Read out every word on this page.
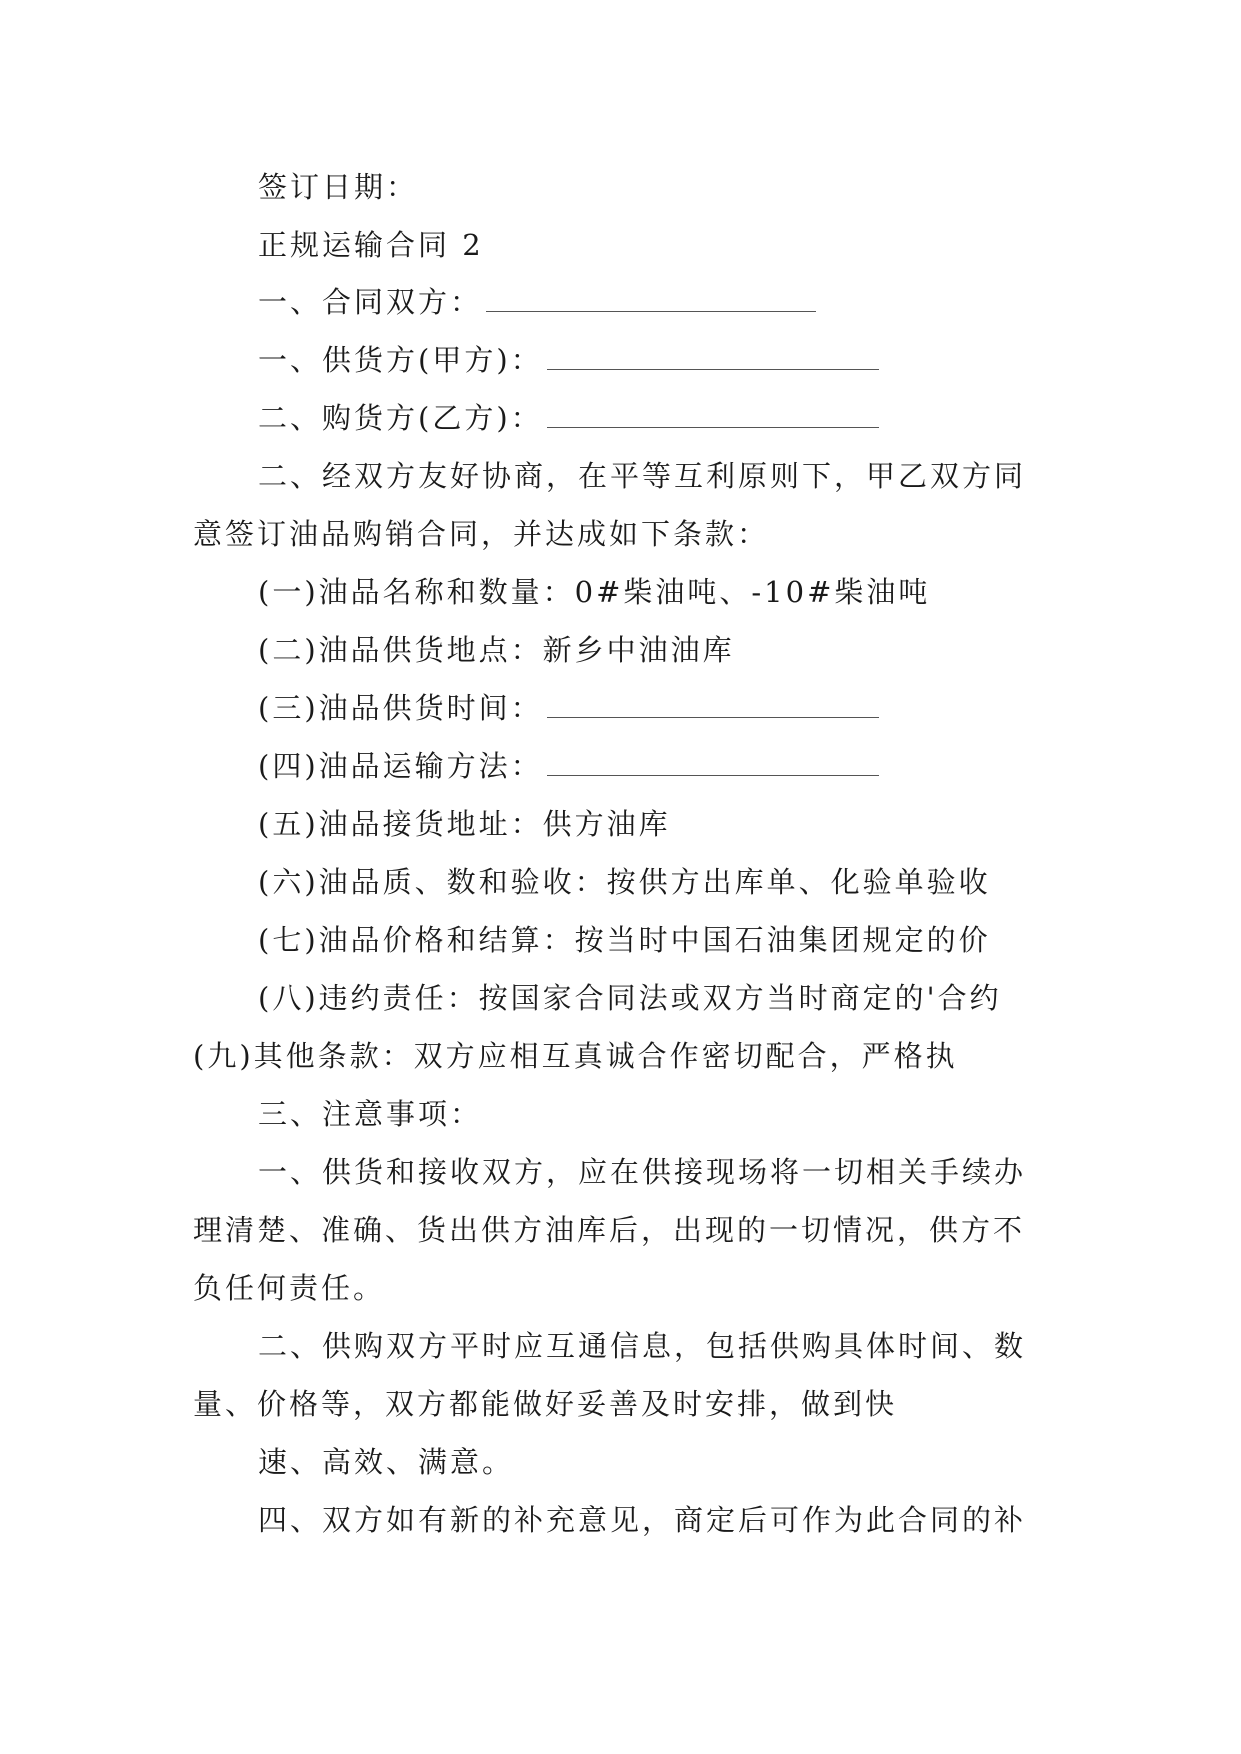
签订日期：

正规运输合同 2

一、合同双方：

一、供货方(甲方)：

二、购货方(乙方)：

二、经双方友好协商，在平等互利原则下，甲乙双方同

意签订油品购销合同，并达成如下条款：

(一)油品名称和数量：0#柴油吨、-10#柴油吨

(二)油品供货地点：新乡中油油库

(三)油品供货时间：

(四)油品运输方法：

(五)油品接货地址：供方油库

(六)油品质、数和验收：按供方出库单、化验单验收

(七)油品价格和结算：按当时中国石油集团规定的价

(八)违约责任：按国家合同法或双方当时商定的'合约

(九)其他条款：双方应相互真诚合作密切配合，严格执

三、注意事项：

一、供货和接收双方，应在供接现场将一切相关手续办

理清楚、准确、货出供方油库后，出现的一切情况，供方不

负任何责任。

二、供购双方平时应互通信息，包括供购具体时间、数

量、价格等，双方都能做好妥善及时安排，做到快

速、高效、满意。

四、双方如有新的补充意见，商定后可作为此合同的补
